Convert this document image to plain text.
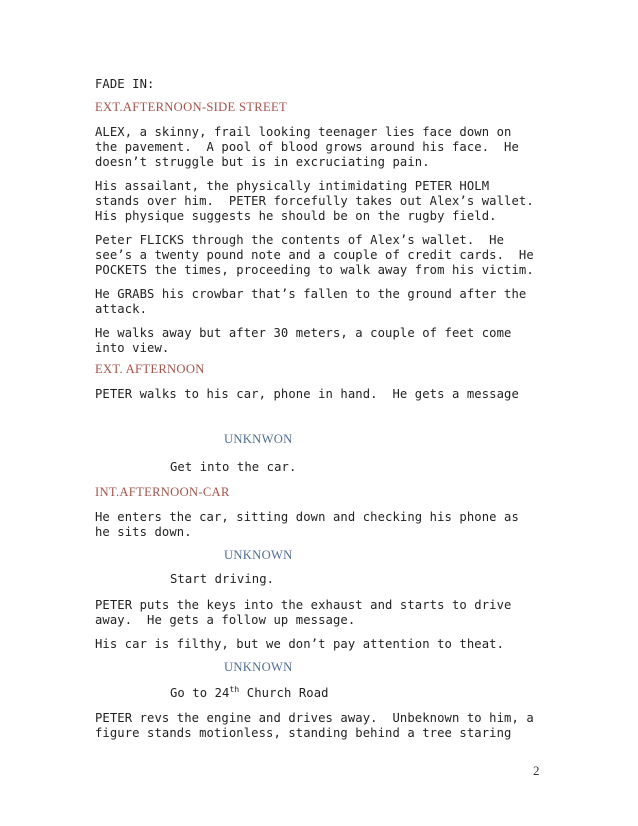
FADE IN:
EXT.AFTERNOON-SIDE STREET
ALEX, a skinny, frail looking teenager lies face down on
the pavement.  A pool of blood grows around his face.  He
doesn’t struggle but is in excruciating pain.
His assailant, the physically intimidating PETER HOLM
stands over him.  PETER forcefully takes out Alex’s wallet.
His physique suggests he should be on the rugby field.
Peter FLICKS through the contents of Alex’s wallet.  He
see’s a twenty pound note and a couple of credit cards.  He
POCKETS the times, proceeding to walk away from his victim.
He GRABS his crowbar that’s fallen to the ground after the
attack.
He walks away but after 30 meters, a couple of feet come
into view.
EXT. AFTERNOON
PETER walks to his car, phone in hand.  He gets a message
UNKNWON
Get into the car.
INT.AFTERNOON-CAR
He enters the car, sitting down and checking his phone as
he sits down.
UNKNOWN
Start driving.
PETER puts the keys into the exhaust and starts to drive
away.  He gets a follow up message.
His car is filthy, but we don’t pay attention to theat.
UNKNOWN
Go to 24th Church Road
PETER revs the engine and drives away.  Unbeknown to him, a
figure stands motionless, standing behind a tree staring
2
